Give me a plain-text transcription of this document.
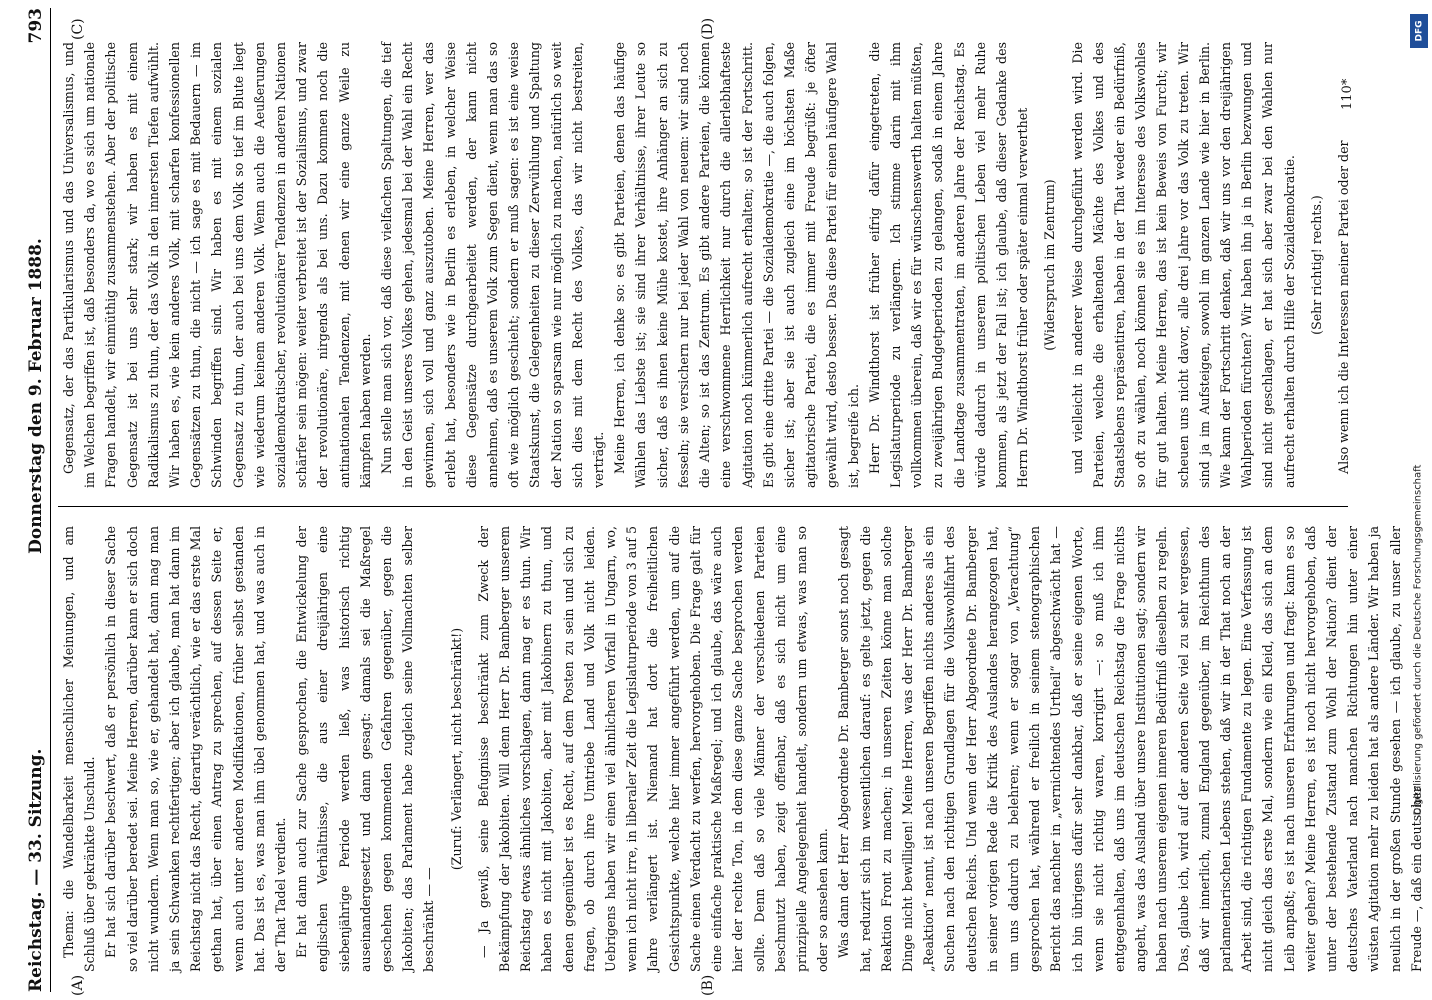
Reichstag. — 33. Sitzung.
Donnerstag den 9. Februar 1888.
793
(A)	(B)
(C)	(D)

Thema: die Wandelbarkeit menschlicher Meinungen, und am Schluß über gekränkte Unschuld. Er hat sich darüber beschwert, daß er persönlich in dieser Sache so viel darüber beredet sei. Meine Herren, darüber kann er sich doch nicht wundern. Wenn man so, wie er, gehandelt hat, dann mag man ja sein Schwanken rechtfertigen; aber ich glaube, man hat dann im Reichstag nicht das Recht, derartig verächtlich, wie er das erste Mal gethan hat, über einen Antrag zu sprechen, auf dessen Seite er, wenn auch unter anderen Modifikationen, früher selbst gestanden hat. Das ist es, was man ihm übel genommen hat, und was auch in der That Tadel verdient. Er hat dann auch zur Sache gesprochen, die Entwickelung der englischen Verhältnisse, die aus einer dreijährigen eine siebenjährige Periode werden ließ, was historisch richtig auseinandergesetzt und dann gesagt: damals sei die Maßregel geschehen gegen kommenden Gefahren gegenüber, gegen die Jakobiten; das Parlament habe zugleich seine Vollmachten selber beschränkt — —

(Zuruf: Verlängert, nicht beschränkt!) — Ja gewiß, seine Befugnisse beschränkt zum Zweck der Bekämpfung der Jakobiten. Will denn Herr Dr. Bamberger unserem Reichstag etwas ähnliches vorschlagen, dann mag er es thun. Wir haben es nicht mit Jakobiten, aber mit Jakobinern zu thun, und denen gegenüber ist es Recht, auf dem Posten zu sein und sich zu fragen, ob durch ihre Umtriebe Land und Volk nicht leiden. Uebrigens haben wir einen viel ähnlicheren Vorfall in Ungarn, wo, wenn ich nicht irre, in liberaler Zeit die Legislaturperiode von 3 auf 5 Jahre verlängert ist. Niemand hat dort die freiheitlichen Gesichtspunkte, welche hier immer angeführt werden, um auf die Sache einen Verdacht zu werfen, hervorgehoben. Die Frage galt für eine einfache praktische Maßregel; und ich glaube, das wäre auch hier der rechte Ton, in dem diese ganze Sache besprochen werden sollte. Denn daß so viele Männer der verschiedenen Parteien beschmutzt haben, zeigt offenbar, daß es sich nicht um eine prinzipielle Angelegenheit handelt, sondern um etwas, was man so oder so ansehen kann. Was dann der Herr Abgeordnete Dr. Bamberger sonst noch gesagt hat, reduzirt sich im wesentlichen darauf: es gelte jetzt, gegen die Reaktion Front zu machen; in unseren Zeiten könne man solche Dinge nicht bewilligen! Meine Herren, was der Herr Dr. Bamberger „Reaktion“ nennt, ist nach unseren Begriffen nichts anderes als ein Suchen nach den richtigen Grundlagen für die Volkswohlfahrt des deutschen Reichs. Und wenn der Herr Abgeordnete Dr. Bamberger in seiner vorigen Rede die Kritik des Auslandes herangezogen hat, um uns dadurch zu belehren; wenn er sogar von „Verachtung“ gesprochen hat, während er freilich in seinem stenographischen Bericht das nachher in „vernichtendes Urtheil“ abgeschwächt hat — ich bin übrigens dafür sehr dankbar, daß er seine eigenen Worte, wenn sie nicht richtig waren, korrigirt —: so muß ich ihm entgegenhalten, daß uns im deutschen Reichstag die Frage nichts angeht, was das Ausland über unsere Institutionen sagt; sondern wir haben nach unserem eigenen inneren Bedürfniß dieselben zu regeln. Das, glaube ich, wird auf der anderen Seite viel zu sehr vergessen, daß wir innerlich, zumal England gegenüber, im Reichthum des parlamentarischen Lebens stehen, daß wir in der That noch an der Arbeit sind, die richtigen Fundamente zu legen. Eine Verfassung ist nicht gleich das erste Mal, sondern wie ein Kleid, das sich an dem Leib anpaßt; es ist nach unseren Erfahrungen und fragt: kann es so weiter gehen? Meine Herren, es ist noch nicht hervorgehoben, daß unter der bestehende Zustand zum Wohl der Nation? dient der deutsches Vaterland nach manchen Richtungen hin unter einer wüsten Agitation mehr zu leiden hat als andere Länder. Wir haben ja neulich in der großen Stunde gesehen — ich glaube, zu unser aller Freude —, daß ein deutscher

Gegensatz, der das Partikularismus und das Universalismus, und im Welchen begriffen ist, daß besonders da, wo es sich um nationale Fragen handelt, wir einmüthig zusammenstehen. Aber der politische Gegensatz ist bei uns sehr stark; wir haben es mit einem Radikalismus zu thun, der das Volk in den innersten Tiefen aufwühlt. Wir haben es, wie kein anderes Volk, mit scharfen konfessionellen Gegensätzen zu thun, die nicht — ich sage es mit Bedauern — im Schwinden begriffen sind. Wir haben es mit einem sozialen Gegensatz zu thun, der auch bei uns dem Volk so tief im Blute liegt wie wiederum keinem anderen Volk. Wenn auch die Aeußerungen sozialdemokratischer, revolutionärer Tendenzen in anderen Nationen schärfer sein mögen: weiter verbreitet ist der Sozialismus, und zwar der revolutionäre, nirgends als bei uns. Dazu kommen noch die antinationalen Tendenzen, mit denen wir eine ganze Weile zu kämpfen haben werden. Nun stelle man sich vor, daß diese vielfachen Spaltungen, die tief in den Geist unseres Volkes gehen, jedesmal bei der Wahl ein Recht gewinnen, sich voll und ganz auszutoben. Meine Herren, wer das erlebt hat, besonders wie in Berlin es erleben, in welcher Weise diese Gegensätze durchgearbeitet werden, der kann nicht annehmen, daß es unserem Volk zum Segen dient, wenn man das so oft wie möglich geschieht; sondern er muß sagen: es ist eine weise Staatskunst, die Gelegenheiten zu dieser Zerwühlung und Spaltung der Nation so sparsam wie nur möglich zu machen, natürlich so weit sich dies mit dem Recht des Volkes, das wir nicht bestreiten, verträgt. Meine Herren, ich denke so: es gibt Parteien, denen das häufige Wählen das Liebste ist; sie sind ihrer Verhältnisse, ihrer Leute so sicher, daß es ihnen keine Mühe kostet, ihre Anhänger an sich zu fesseln; sie versichern nur bei jeder Wahl von neuem: wir sind noch die Alten; so ist das Zentrum. Es gibt andere Parteien, die können eine verschwommene Herrlichkeit nur durch die allerlebhafteste Agitation noch kümmerlich aufrecht erhalten; so ist der Fortschritt. Es gibt eine dritte Partei — die Sozialdemokratie —, die auch folgen, sicher ist; aber sie ist auch zugleich eine im höchsten Maße agitatorische Partei, die es immer mit Freude begrüßt: je öfter gewählt wird, desto besser. Das diese Partei für einen häufigere Wahl ist, begreife ich. Herr Dr. Windthorst ist früher eifrig dafür eingetreten, die Legislaturperiode zu verlängern. Ich stimme darin mit ihm vollkommen überein, daß wir es für wünschenswerth halten müßten, zu zweijährigen Budgetperioden zu gelangen, sodaß in einem Jahre die Landtage zusammentraten, im anderen Jahre der Reichstag. Es würde dadurch in unserem politischen Leben viel mehr Ruhe kommen, als jetzt der Fall ist; ich glaube, daß dieser Gedanke des Herrn Dr. Windthorst früher oder später einmal verwerthet (Widerspruch im Zentrum) und vielleicht in anderer Weise durchgeführt werden wird. Die Parteien, welche die erhaltenden Mächte des Volkes und des Staatslebens repräsentiren, haben in der That weder ein Bedürfniß, so oft zu wählen, noch können sie es im Interesse des Volkswohles für gut halten. Meine Herren, das ist kein Beweis von Furcht; wir scheuen uns nicht davor, alle drei Jahre vor das Volk zu treten. Wir sind ja im Aufsteigen, sowohl im ganzen Lande wie hier in Berlin. Wie kann der Fortschritt denken, daß wir uns vor den dreijährigen Wahlperioden fürchten? Wir haben ihn ja in Berlin bezwungen und sind nicht geschlagen, er hat sich aber zwar bei den Wahlen nur aufrecht erhalten durch Hilfe der Sozialdemokratie. (Sehr richtig! rechts.) Also wenn ich die Interessen meiner Partei oder der

110*
DFG
Digitalisierung gefördert durch die Deutsche Forschungsgemeinschaft
